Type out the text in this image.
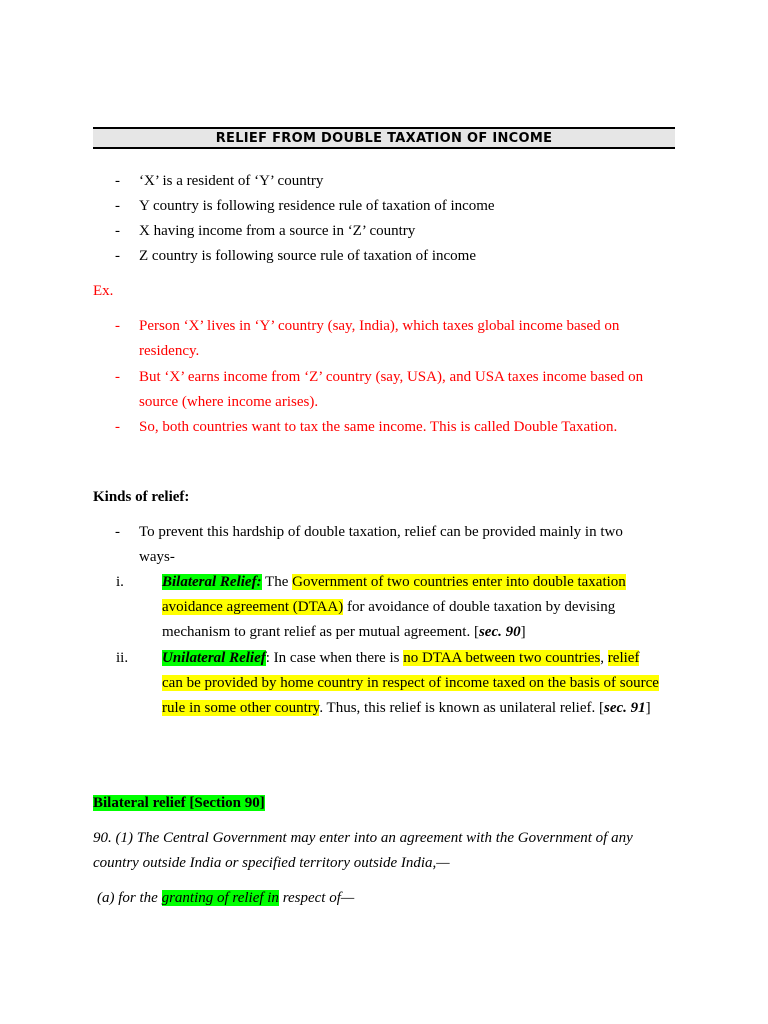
RELIEF FROM DOUBLE TAXATION OF INCOME
- ‘X’ is a resident of ‘Y’ country
- Y country is following residence rule of taxation of income
- X having income from a source in ‘Z’ country
- Z country is following source rule of taxation of income
Ex.
- Person ‘X’ lives in ‘Y’ country (say, India), which taxes global income based on residency.
- But ‘X’ earns income from ‘Z’ country (say, USA), and USA taxes income based on source (where income arises).
- So, both countries want to tax the same income. This is called Double Taxation.
Kinds of relief:
- To prevent this hardship of double taxation, relief can be provided mainly in two ways-
i.	Bilateral Relief: The Government of two countries enter into double taxation avoidance agreement (DTAA) for avoidance of double taxation by devising mechanism to grant relief as per mutual agreement. [sec. 90]
ii. Unilateral Relief: In case when there is no DTAA between two countries, relief can be provided by home country in respect of income taxed on the basis of source rule in some other country. Thus, this relief is known as unilateral relief. [sec. 91]
Bilateral relief [Section 90]
90. (1) The Central Government may enter into an agreement with the Government of any country outside India or specified territory outside India,—
(a) for the granting of relief in respect of—
